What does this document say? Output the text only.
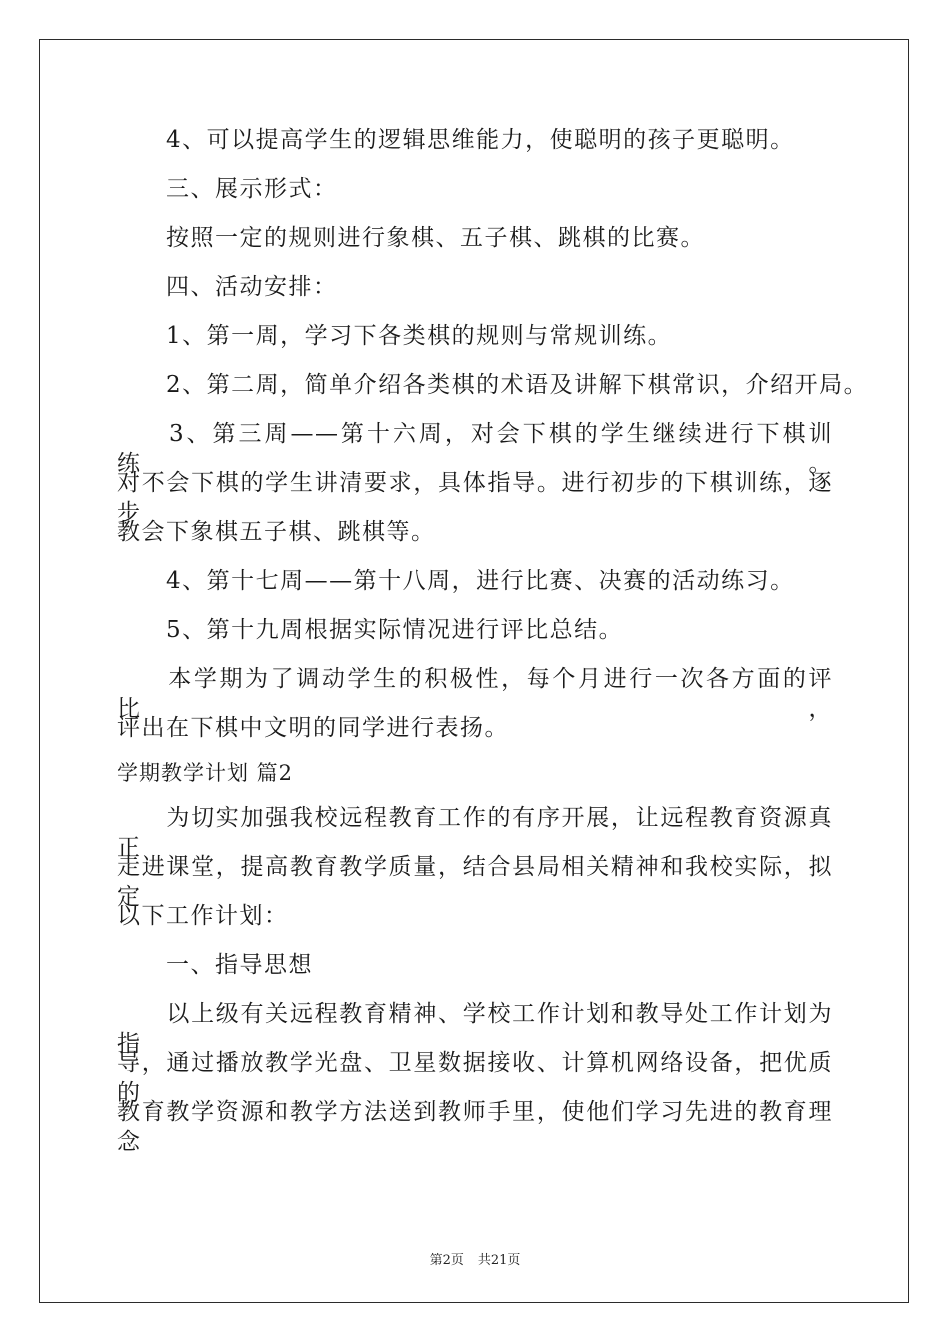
　　4、可以提高学生的逻辑思维能力，使聪明的孩子更聪明。
　　三、展示形式：
　　按照一定的规则进行象棋、五子棋、跳棋的比赛。
　　四、活动安排：
　　1、第一周，学习下各类棋的规则与常规训练。
　　2、第二周，简单介绍各类棋的术语及讲解下棋常识，介绍开局。
　　3、第三周——第十六周，对会下棋的学生继续进行下棋训练。
对不会下棋的学生讲清要求，具体指导。进行初步的下棋训练，逐步
教会下象棋五子棋、跳棋等。
　　4、第十七周——第十八周，进行比赛、决赛的活动练习。
　　5、第十九周根据实际情况进行评比总结。
　　本学期为了调动学生的积极性，每个月进行一次各方面的评比，
评出在下棋中文明的同学进行表扬。
学期教学计划 篇2
　　为切实加强我校远程教育工作的有序开展，让远程教育资源真正
走进课堂，提高教育教学质量，结合县局相关精神和我校实际，拟定
以下工作计划：
　　一、指导思想
　　以上级有关远程教育精神、学校工作计划和教导处工作计划为指
导，通过播放教学光盘、卫星数据接收、计算机网络设备，把优质的
教育教学资源和教学方法送到教师手里，使他们学习先进的教育理念
第2页 共21页
